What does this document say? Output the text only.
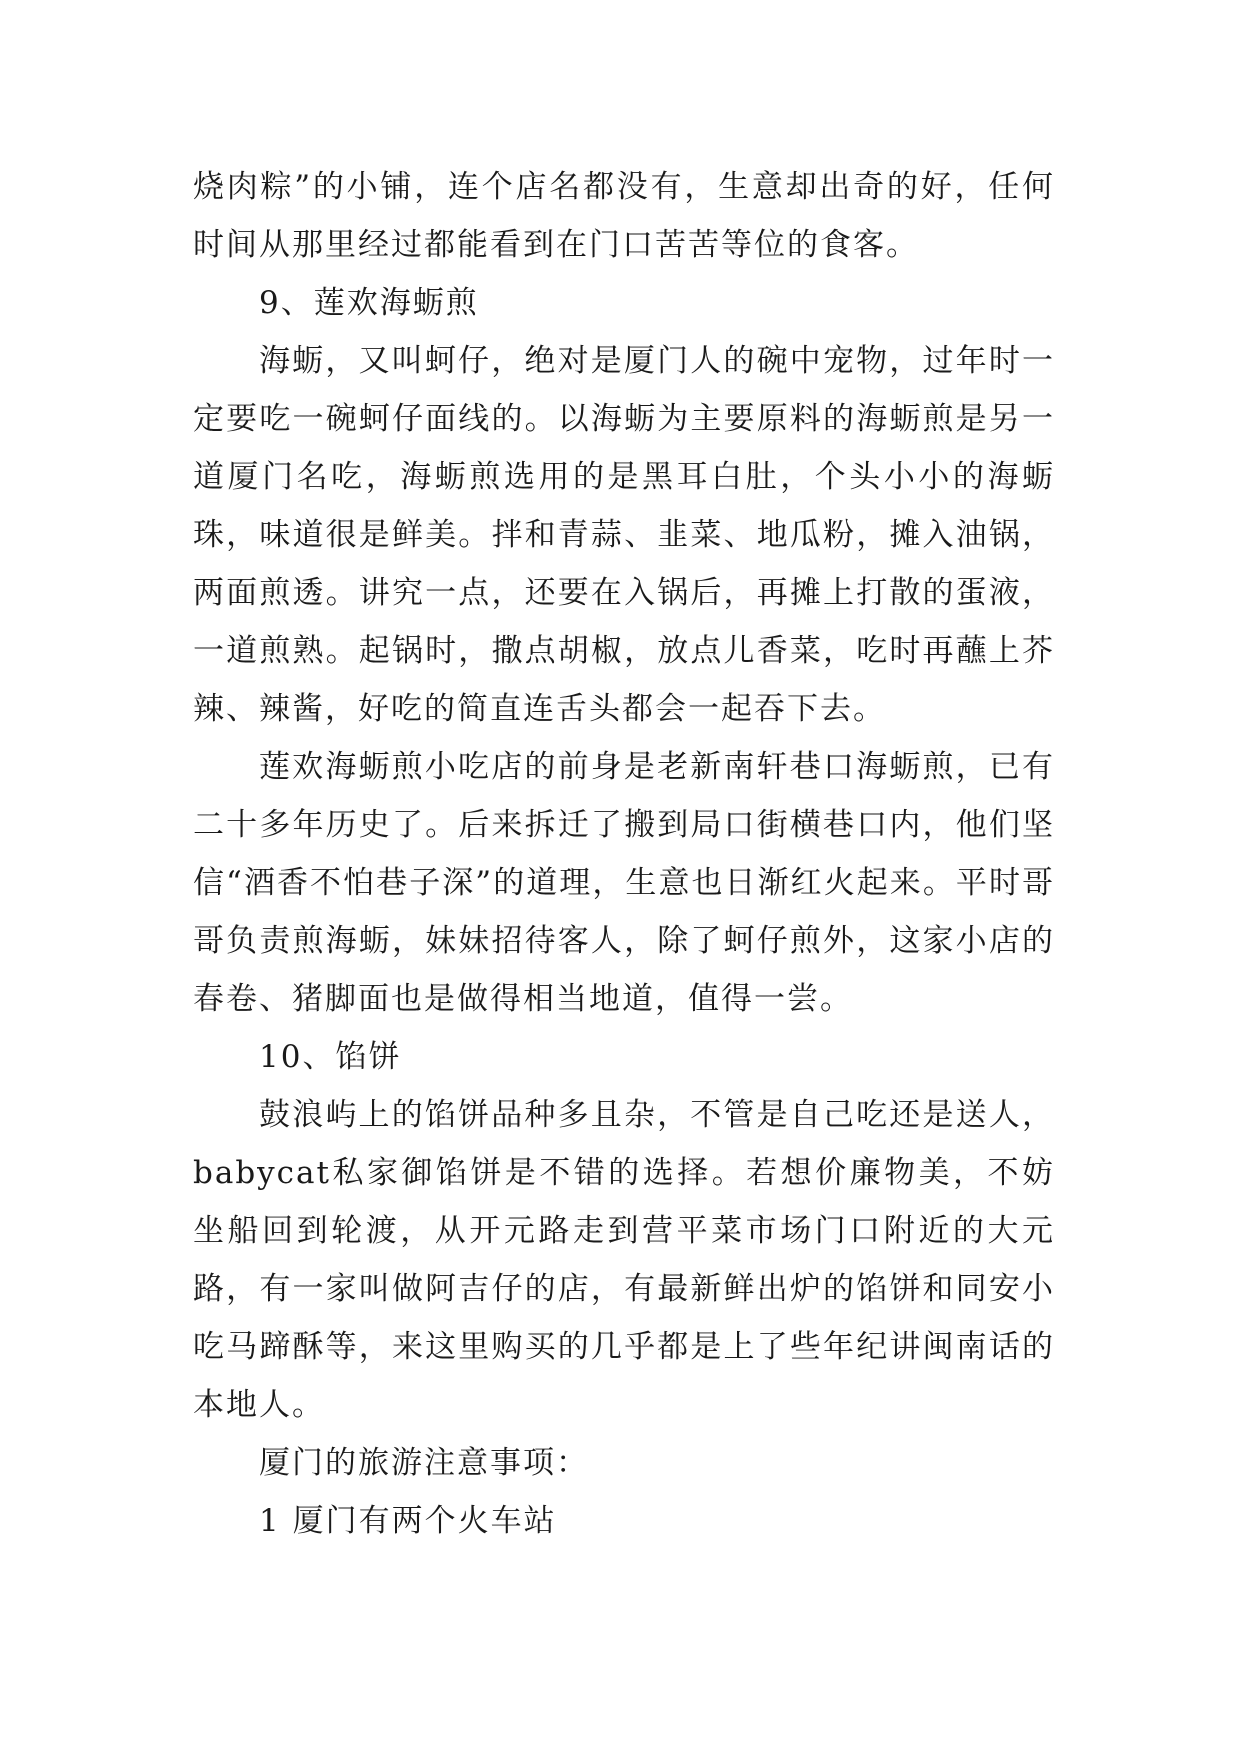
烧肉粽”的小铺，连个店名都没有，生意却出奇的好，任何时间从那里经过都能看到在门口苦苦等位的食客。

9、莲欢海蛎煎

海蛎，又叫蚵仔，绝对是厦门人的碗中宠物，过年时一定要吃一碗蚵仔面线的。以海蛎为主要原料的海蛎煎是另一道厦门名吃，海蛎煎选用的是黑耳白肚，个头小小的海蛎珠，味道很是鲜美。拌和青蒜、韭菜、地瓜粉，摊入油锅，两面煎透。讲究一点，还要在入锅后，再摊上打散的蛋液，一道煎熟。起锅时，撒点胡椒，放点儿香菜，吃时再蘸上芥辣、辣酱，好吃的简直连舌头都会一起吞下去。

莲欢海蛎煎小吃店的前身是老新南轩巷口海蛎煎，已有二十多年历史了。后来拆迁了搬到局口街横巷口内，他们坚信“酒香不怕巷子深”的道理，生意也日渐红火起来。平时哥哥负责煎海蛎，妹妹招待客人，除了蚵仔煎外，这家小店的春卷、猪脚面也是做得相当地道，值得一尝。

10、馅饼

鼓浪屿上的馅饼品种多且杂，不管是自己吃还是送人，babycat私家御馅饼是不错的选择。若想价廉物美，不妨坐船回到轮渡，从开元路走到营平菜市场门口附近的大元路，有一家叫做阿吉仔的店，有最新鲜出炉的馅饼和同安小吃马蹄酥等，来这里购买的几乎都是上了些年纪讲闽南话的本地人。

厦门的旅游注意事项：

1 厦门有两个火车站
